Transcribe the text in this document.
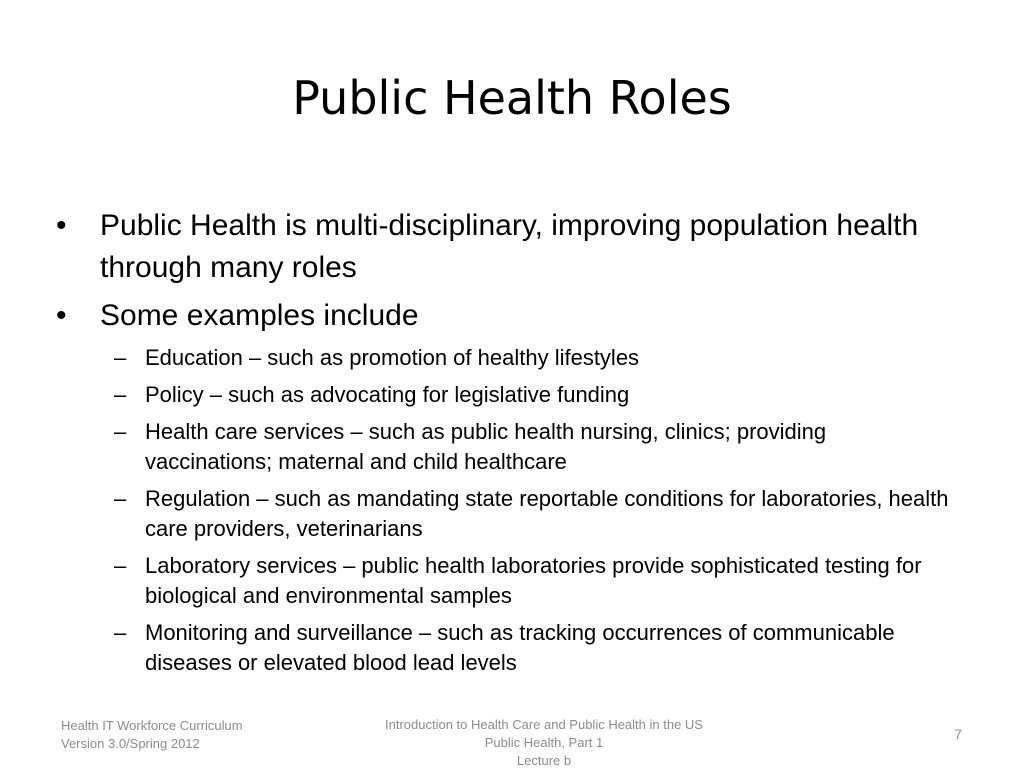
Public Health Roles
•	Public Health is multi-disciplinary, improving population health through many roles
•	Some examples include
– Education – such as promotion of healthy lifestyles
– Policy – such as advocating for legislative funding
– Health care services – such as public health nursing, clinics; providing vaccinations; maternal and child healthcare
– Regulation – such as mandating state reportable conditions for laboratories, health care providers, veterinarians
– Laboratory services – public health laboratories provide sophisticated testing for biological and environmental samples
– Monitoring and surveillance – such as tracking occurrences of communicable diseases or elevated blood lead levels
Health IT Workforce Curriculum
Version 3.0/Spring 2012
Introduction to Health Care and Public Health in the US
Public Health, Part 1
Lecture b
7
